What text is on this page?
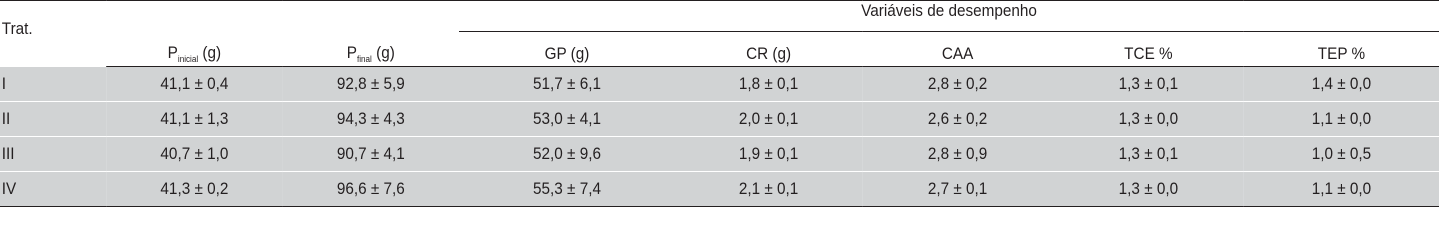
Trat.			Variáveis de desempenho				
	$P_{inicial}$ (g)	$P_{final}$ (g)	GP (g)	CR (g)	CAA	TCE %	TEP %
I	41,1 ± 0,4	92,8 ± 5,9	51,7 ± 6,1	1,8 ± 0,1	2,8 ± 0,2	1,3 ± 0,1	1,4 ± 0,0
II	41,1 ± 1,3	94,3 ± 4,3	53,0 ± 4,1	2,0 ± 0,1	2,6 ± 0,2	1,3 ± 0,0	1,1 ± 0,0
III	40,7 ± 1,0	90,7 ± 4,1	52,0 ± 9,6	1,9 ± 0,1	2,8 ± 0,9	1,3 ± 0,1	1,0 ± 0,5
IV	41,3 ± 0,2	96,6 ± 7,6	55,3 ± 7,4	2,1 ± 0,1	2,7 ± 0,1	1,3 ± 0,0	1,1 ± 0,0
